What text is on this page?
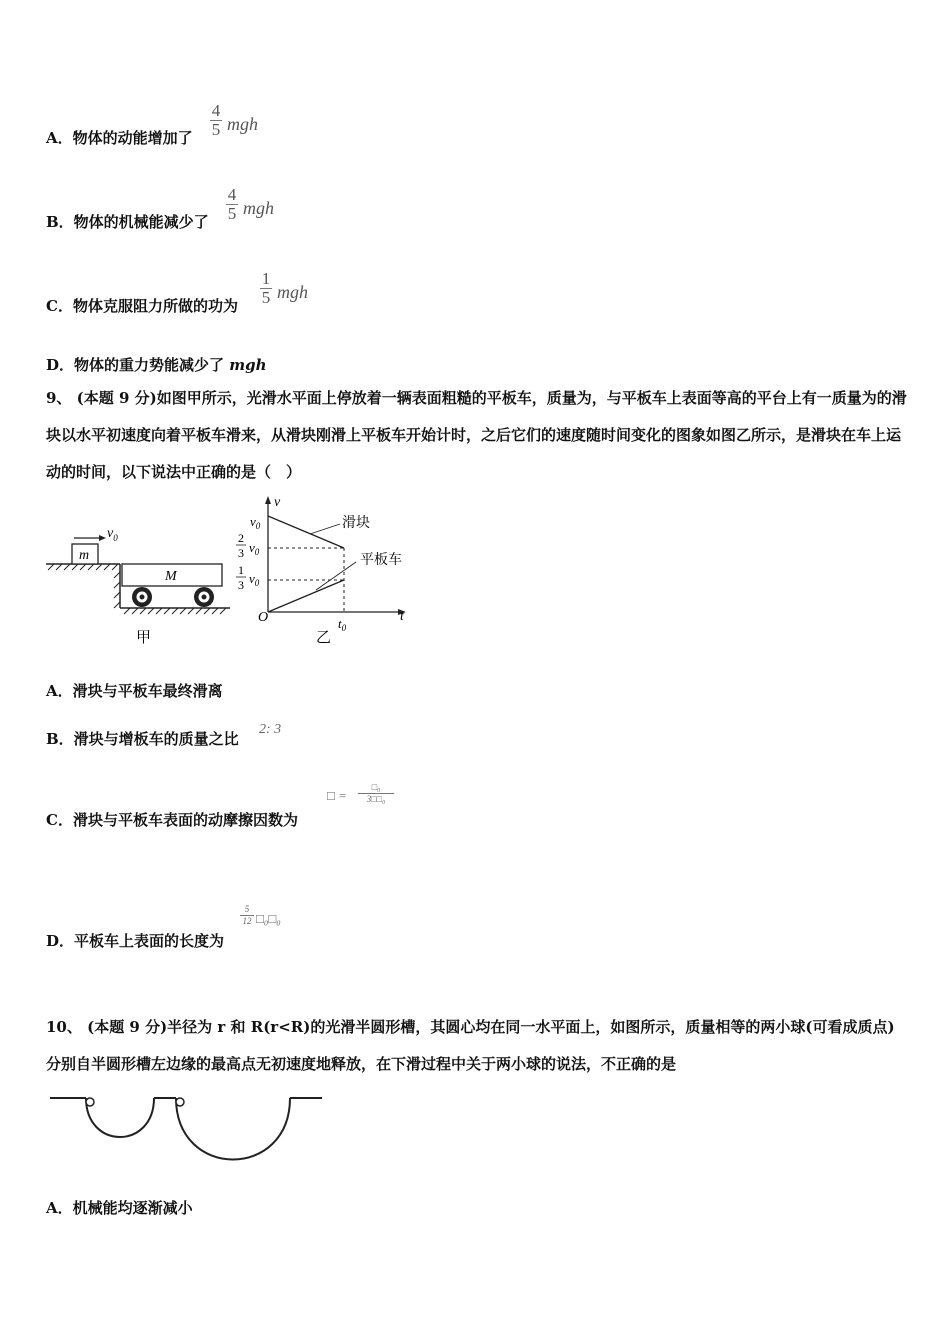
A．物体的动能增加了
4
5 mgh
B．物体的机械能减少了
4
5 mgh
C．物体克服阻力所做的功为
1
5 mgh
D．物体的重力势能减少了 mgh
9、 (本题 9 分)如图甲所示，光滑水平面上停放着一辆表面粗糙的平板车，质量为，与平板车上表面等高的平台上有一质量为的滑块以水平初速度向着平板车滑来，从滑块刚滑上平板车开始计时，之后它们的速度随时间变化的图象如图乙所示，是滑块在车上运动的时间，以下说法中正确的是（　）
m
$v_0$
M
甲
v
t
O
$v_0$
2
3 $v_0$
1
3 $v_0$
$t_0$
滑块
平板车
乙
A．滑块与平板车最终滑离
B．滑块与增板车的质量之比
2: 3
C．滑块与平板车表面的动摩擦因数为
□ =
□₀
3□□₀
D．平板车上表面的长度为
5
12 □₀□₀
10、 (本题 9 分)半径为 r 和 R(r<R)的光滑半圆形槽，其圆心均在同一水平面上，如图所示，质量相等的两小球(可看成质点)分别自半圆形槽左边缘的最高点无初速度地释放，在下滑过程中关于两小球的说法，不正确的是
A．机械能均逐渐减小
